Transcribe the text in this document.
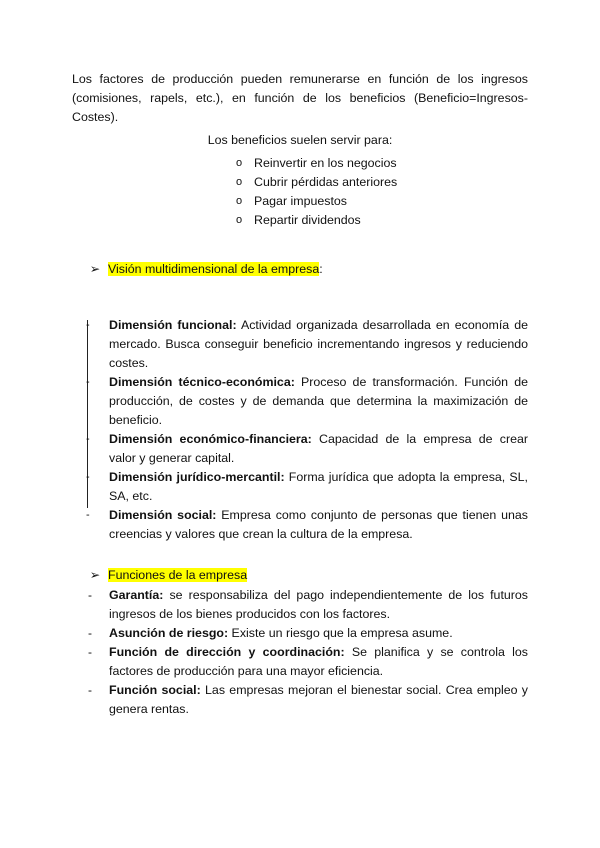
Los factores de producción pueden remunerarse en función de los ingresos (comisiones, rapels, etc.), en función de los beneficios (Beneficio=Ingresos-Costes).

Los beneficios suelen servir para:

o Reinvertir en los negocios
o Cubrir pérdidas anteriores
o Pagar impuestos
o Repartir dividendos
➢ Visión multidimensional de la empresa:
-	Dimensión funcional: Actividad organizada desarrollada en economía de mercado. Busca conseguir beneficio incrementando ingresos y reduciendo costes.
-	Dimensión técnico-económica: Proceso de transformación. Función de producción, de costes y de demanda que determina la maximización de beneficio.
-	Dimensión económico-financiera: Capacidad de la empresa de crear valor y generar capital.
-	Dimensión jurídico-mercantil: Forma jurídica que adopta la empresa, SL, SA, etc.
-	Dimensión social: Empresa como conjunto de personas que tienen unas creencias y valores que crean la cultura de la empresa.
➢ Funciones de la empresa
-	Garantía: se responsabiliza del pago independientemente de los futuros ingresos de los bienes producidos con los factores.
-	Asunción de riesgo: Existe un riesgo que la empresa asume.
-	Función de dirección y coordinación: Se planifica y se controla los factores de producción para una mayor eficiencia.
-	Función social: Las empresas mejoran el bienestar social. Crea empleo y genera rentas.
